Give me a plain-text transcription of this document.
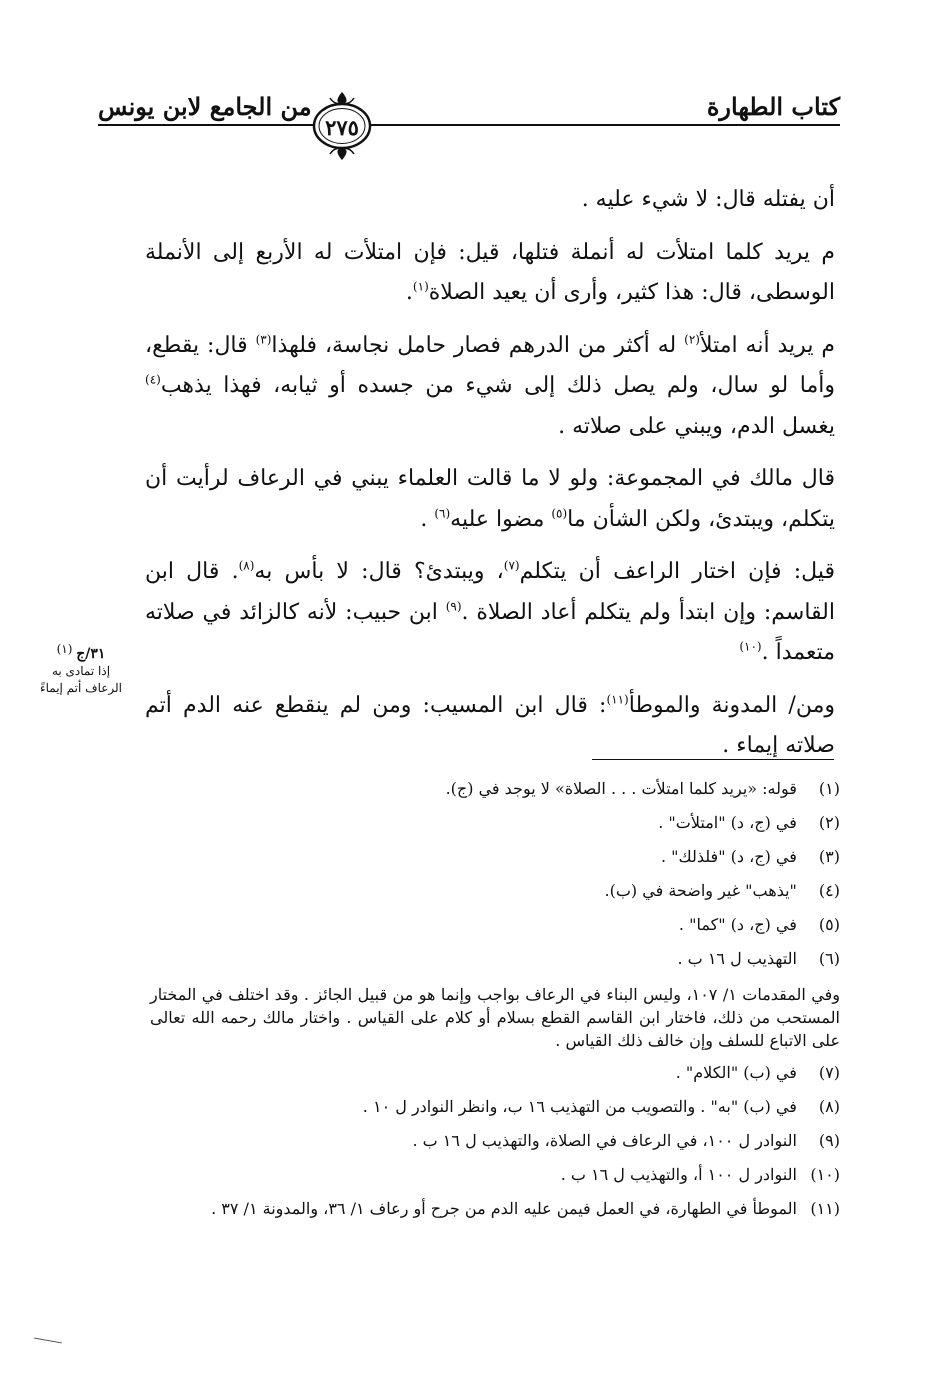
كتاب الطهارة
من الجامع لابن يونس
٢٧٥

أن يفتله قال: لا شيء عليه .

م يريد كلما امتلأت له أنملة فتلها، قيل: فإن امتلأت له الأربع إلى الأنملة الوسطى، قال: هذا كثير، وأرى أن يعيد الصلاة$^{(١)}$.

م يريد أنه امتلأ$^{(٢)}$ له أكثر من الدرهم فصار حامل نجاسة، فلهذا$^{(٣)}$ قال: يقطع، وأما لو سال، ولم يصل ذلك إلى شيء من جسده أو ثيابه، فهذا يذهب$^{(٤)}$ يغسل الدم، ويبني على صلاته .

قال مالك في المجموعة: ولو لا ما قالت العلماء يبني في الرعاف لرأيت أن يتكلم، ويبتدئ، ولكن الشأن ما$^{(٥)}$ مضوا عليه$^{(٦)}$ .

قيل: فإن اختار الراعف أن يتكلم$^{(٧)}$، ويبتدئ؟ قال: لا بأس به$^{(٨)}$. قال ابن القاسم: وإن ابتدأ ولم يتكلم أعاد الصلاة .$^{(٩)}$ ابن حبيب: لأنه كالزائد في صلاته متعمداً .$^{(١٠)}$

ومن/ المدونة والموطأ$^{(١١)}$: قال ابن المسيب: ومن لم ينقطع عنه الدم أتم صلاته إيماء .

٣١/ج $^{(١)}$
إذا تمادى به
الرعاف أتم إيماءً
(١) قوله: «يريد كلما امتلأت . . . الصلاة» لا يوجد في (ج).
(٢) في (ج، د) "امتلأت" .
(٣) في (ج، د) "فلذلك" .
(٤) "يذهب" غير واضحة في (ب).
(٥) في (ج، د) "كما" .
(٦) التهذيب ل ١٦ ب .
وفي المقدمات ١/ ١٠٧، وليس البناء في الرعاف بواجب وإنما هو من قبيل الجائز . وقد اختلف في المختار المستحب من ذلك، فاختار ابن القاسم القطع بسلام أو كلام على القياس . واختار مالك رحمه الله تعالى على الاتباع للسلف وإن خالف ذلك القياس .
(٧) في (ب) "الكلام" .
(٨) في (ب) "به" . والتصويب من التهذيب ١٦ ب، وانظر النوادر ل ١٠ .
(٩) النوادر ل ١٠٠، في الرعاف في الصلاة، والتهذيب ل ١٦ ب .
(١٠) النوادر ل ١٠٠ أ، والتهذيب ل ١٦ ب .
(١١) الموطأ في الطهارة، في العمل فيمن عليه الدم من جرح أو رعاف ١/ ٣٦، والمدونة ١/ ٣٧ .
